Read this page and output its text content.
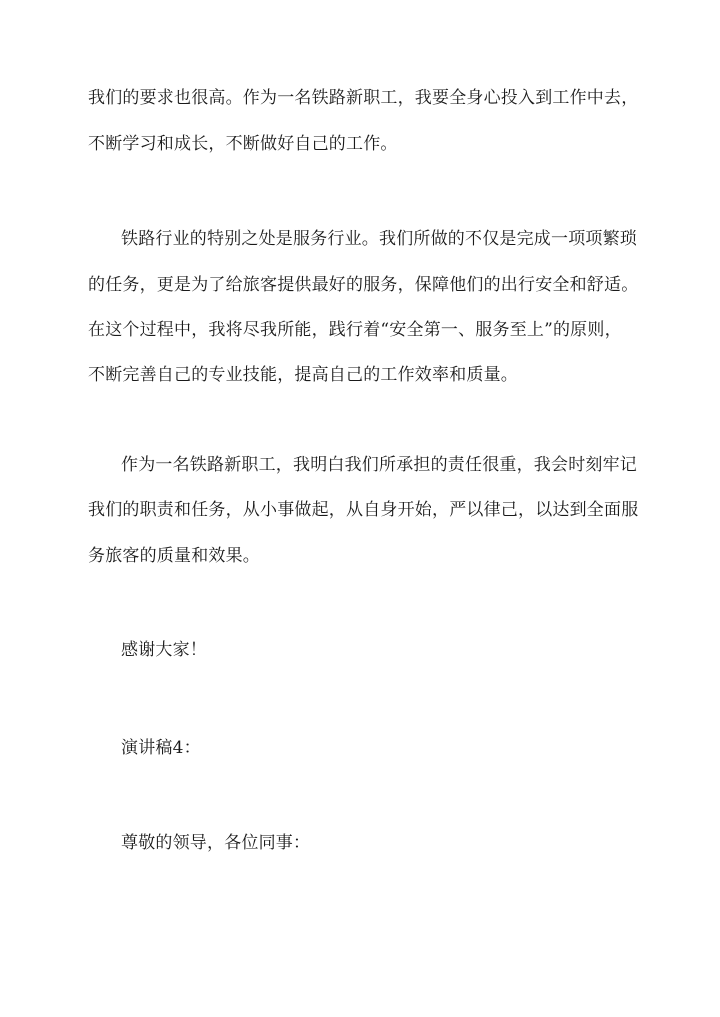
我们的要求也很高。作为一名铁路新职工，我要全身心投入到工作中去，
不断学习和成长，不断做好自己的工作。
铁路行业的特别之处是服务行业。我们所做的不仅是完成一项项繁琐
的任务，更是为了给旅客提供最好的服务，保障他们的出行安全和舒适。
在这个过程中，我将尽我所能，践行着“安全第一、服务至上”的原则，
不断完善自己的专业技能，提高自己的工作效率和质量。
作为一名铁路新职工，我明白我们所承担的责任很重，我会时刻牢记
我们的职责和任务，从小事做起，从自身开始，严以律己，以达到全面服
务旅客的质量和效果。
感谢大家！
演讲稿4：
尊敬的领导，各位同事：
